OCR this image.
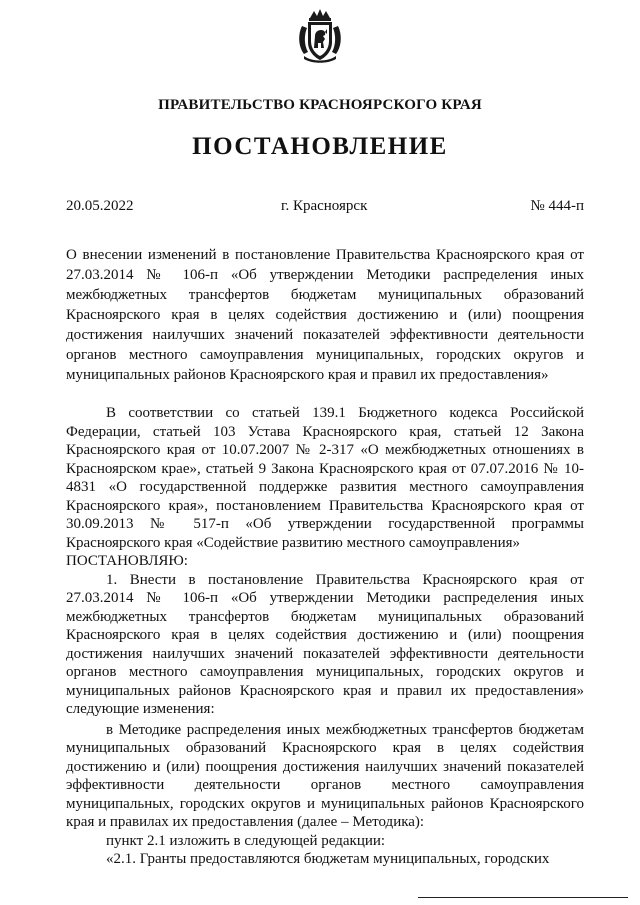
ПРАВИТЕЛЬСТВО КРАСНОЯРСКОГО КРАЯ
ПОСТАНОВЛЕНИЕ
20.05.2022	г. Красноярск	№ 444-п
О внесении изменений в постановление Правительства Красноярского края от 27.03.2014 № 106-п «Об утверждении Методики распределения иных межбюджетных трансфертов бюджетам муниципальных образований Красноярского края в целях содействия достижению и (или) поощрения достижения наилучших значений показателей эффективности деятельности органов местного самоуправления муниципальных, городских округов и муниципальных районов Красноярского края и правил их предоставления»

В соответствии со статьей 139.1 Бюджетного кодекса Российской Федерации, статьей 103 Устава Красноярского края, статьей 12 Закона Красноярского края от 10.07.2007 № 2-317 «О межбюджетных отношениях в Красноярском крае», статьей 9 Закона Красноярского края от 07.07.2016 № 10-4831 «О государственной поддержке развития местного самоуправления Красноярского края», постановлением Правительства Красноярского края от 30.09.2013 № 517-п «Об утверждении государственной программы Красноярского края «Содействие развитию местного самоуправления»

ПОСТАНОВЛЯЮ:

1. Внести в постановление Правительства Красноярского края от 27.03.2014 № 106-п «Об утверждении Методики распределения иных межбюджетных трансфертов бюджетам муниципальных образований Красноярского края в целях содействия достижению и (или) поощрения достижения наилучших значений показателей эффективности деятельности органов местного самоуправления муниципальных, городских округов и муниципальных районов Красноярского края и правил их предоставления» следующие изменения:

в Методике распределения иных межбюджетных трансфертов бюджетам муниципальных образований Красноярского края в целях содействия достижению и (или) поощрения достижения наилучших значений показателей эффективности деятельности органов местного самоуправления муниципальных, городских округов и муниципальных районов Красноярского края и правилах их предоставления (далее – Методика):

пункт 2.1 изложить в следующей редакции:

«2.1. Гранты предоставляются бюджетам муниципальных, городских
